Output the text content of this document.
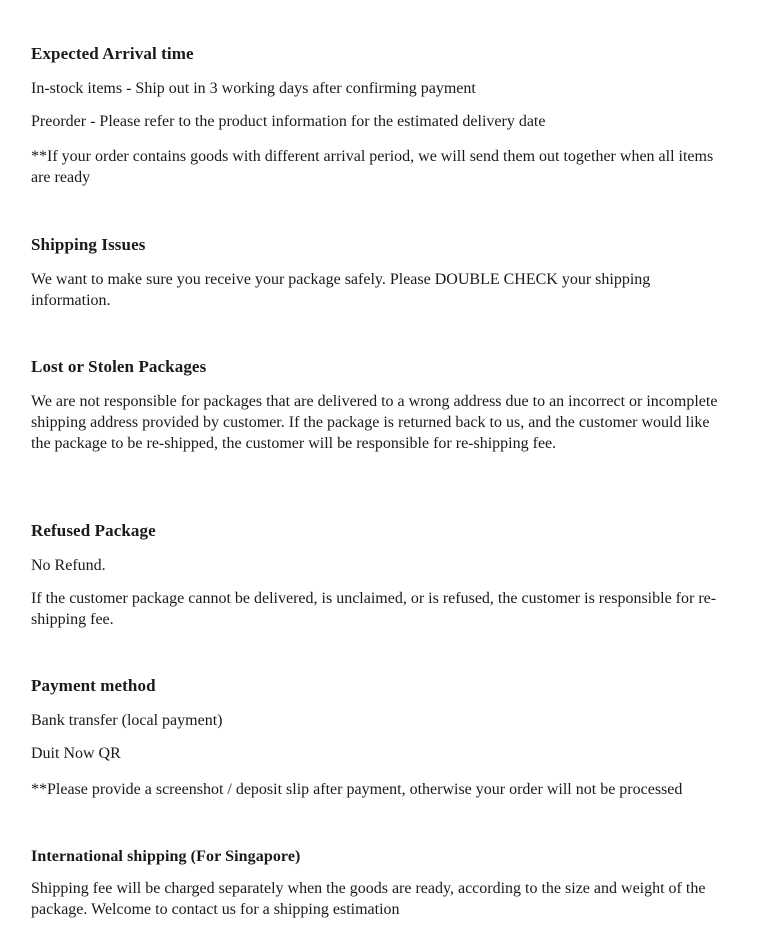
Expected Arrival time

In-stock items - Ship out in 3 working days after confirming payment

Preorder - Please refer to the product information for the estimated delivery date

**If your order contains goods with different arrival period, we will send them out together when all items are ready

Shipping Issues

We want to make sure you receive your package safely. Please DOUBLE CHECK your shipping information.

Lost or Stolen Packages

We are not responsible for packages that are delivered to a wrong address due to an incorrect or incomplete shipping address provided by customer. If the package is returned back to us, and the customer would like the package to be re-shipped, the customer will be responsible for re-shipping fee.

Refused Package

No Refund.

If the customer package cannot be delivered, is unclaimed, or is refused, the customer is responsible for re-shipping fee.

Payment method

Bank transfer (local payment)

Duit Now QR

**Please provide a screenshot / deposit slip after payment, otherwise your order will not be processed

International shipping (For Singapore)

Shipping fee will be charged separately when the goods are ready, according to the size and weight of the package. Welcome to contact us for a shipping estimation
